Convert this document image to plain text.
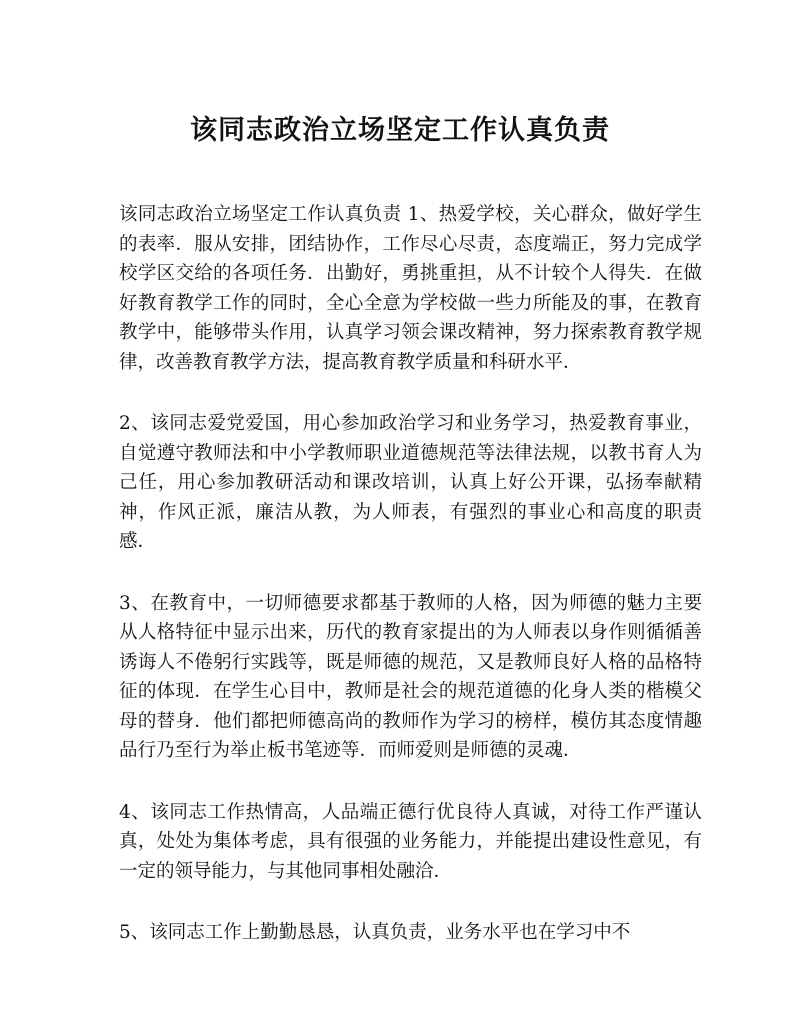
该同志政治立场坚定工作认真负责

该同志政治立场坚定工作认真负责 1、热爱学校，关心群众，做好学生的表率．服从安排，团结协作，工作尽心尽责，态度端正，努力完成学校学区交给的各项任务．出勤好，勇挑重担，从不计较个人得失．在做好教育教学工作的同时，全心全意为学校做一些力所能及的事，在教育教学中，能够带头作用，认真学习领会课改精神，努力探索教育教学规律，改善教育教学方法，提高教育教学质量和科研水平．

2、该同志爱党爱国，用心参加政治学习和业务学习，热爱教育事业，自觉遵守教师法和中小学教师职业道德规范等法律法规，以教书育人为己任，用心参加教研活动和课改培训，认真上好公开课，弘扬奉献精神，作风正派，廉洁从教，为人师表，有强烈的事业心和高度的职责感．

3、在教育中，一切师德要求都基于教师的人格，因为师德的魅力主要从人格特征中显示出来，历代的教育家提出的为人师表以身作则循循善诱诲人不倦躬行实践等，既是师德的规范，又是教师良好人格的品格特征的体现．在学生心目中，教师是社会的规范道德的化身人类的楷模父母的替身．他们都把师德高尚的教师作为学习的榜样，模仿其态度情趣品行乃至行为举止板书笔迹等．而师爱则是师德的灵魂．

4、该同志工作热情高，人品端正德行优良待人真诚，对待工作严谨认真，处处为集体考虑，具有很强的业务能力，并能提出建设性意见，有一定的领导能力，与其他同事相处融洽．

5、该同志工作上勤勤恳恳，认真负责，业务水平也在学习中不
